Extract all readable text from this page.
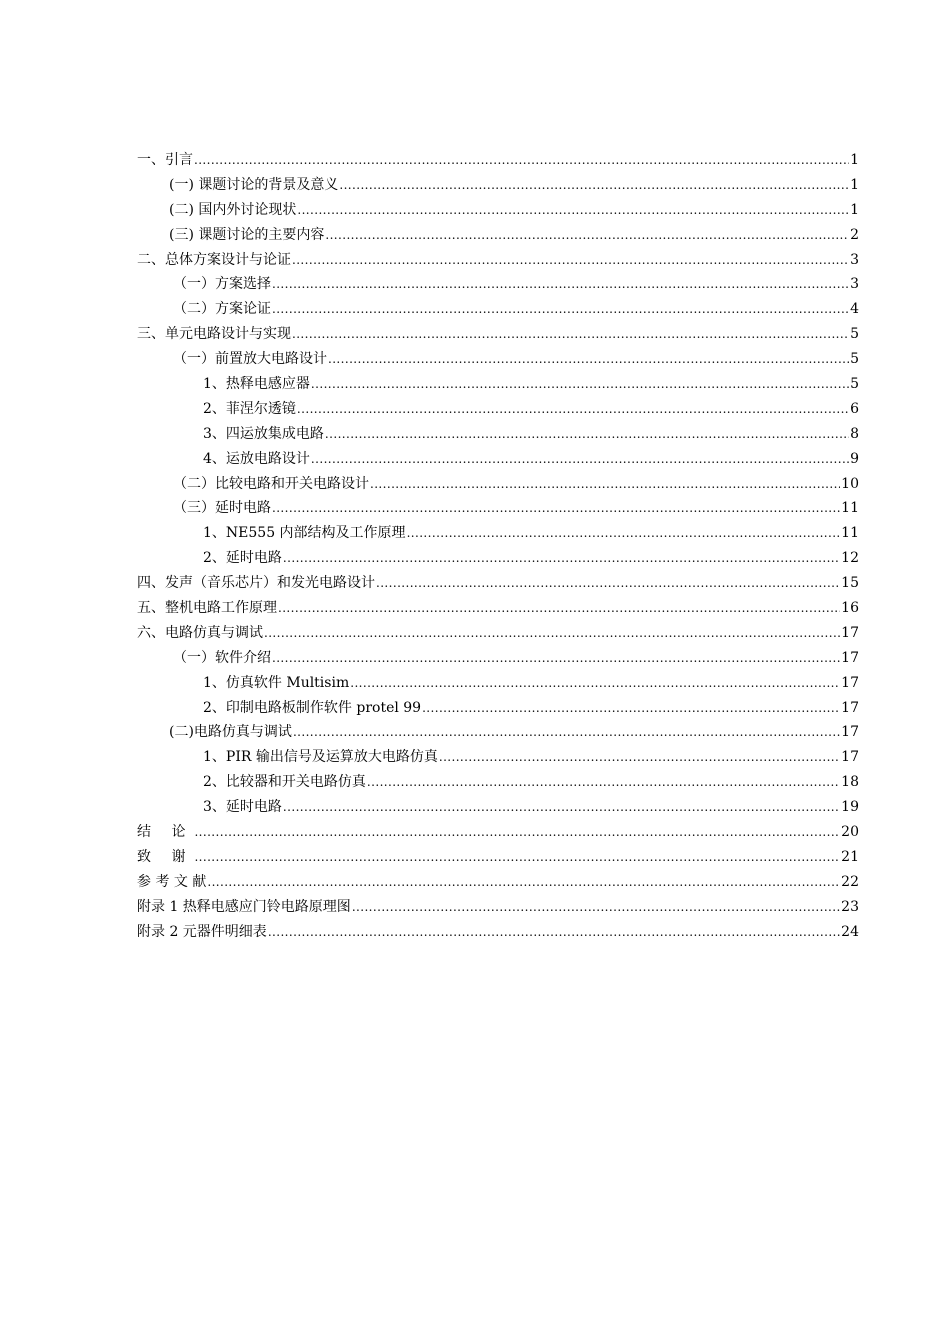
一、引言 .....	1
(一) 课题讨论的背景及意义 .....	1
(二) 国内外讨论现状 .....	1
(三) 课题讨论的主要内容 .....	2
二、总体方案设计与论证 .....	3
（一）方案选择 .....	3
（二）方案论证 .....	4
三、单元电路设计与实现 .....	5
（一）前置放大电路设计 .....	5
1、热释电感应器 .....	5
2、菲涅尔透镜 .....	6
3、四运放集成电路 .....	8
4、运放电路设计 .....	9
（二）比较电路和开关电路设计 .....	10
（三）延时电路 .....	11
1、NE555 内部结构及工作原理 .....	11
2、延时电路 .....	12
四、发声（音乐芯片）和发光电路设计 .....	15
五、整机电路工作原理 .....	16
六、电路仿真与调试 .....	17
（一）软件介绍 .....	17
1、仿真软件 Multisim .....	17
2、印制电路板制作软件 protel 99 .....	17
(二)电路仿真与调试 .....	17
1、PIR 输出信号及运算放大电路仿真 .....	17
2、比较器和开关电路仿真 .....	18
3、延时电路 .....	19
结 论 .....	20
致 谢 .....	21
参 考 文 献 .....	22
附录 1 热释电感应门铃电路原理图 .....	23
附录 2 元器件明细表 .....	24
